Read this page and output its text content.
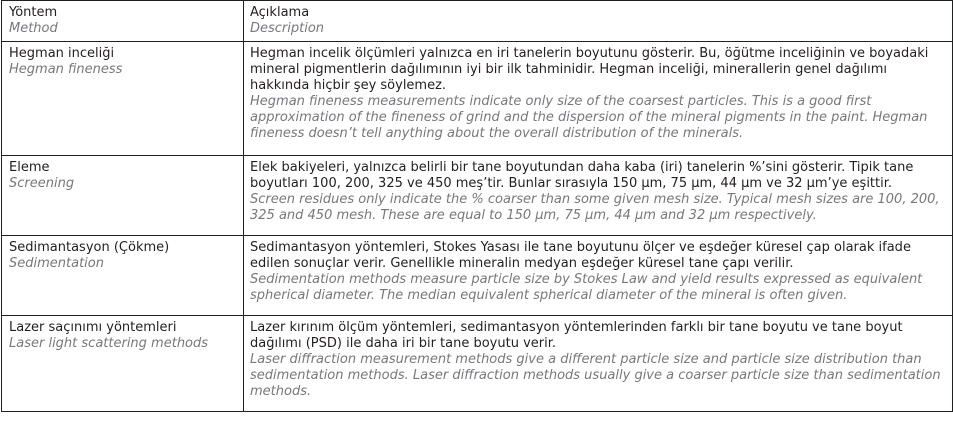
Yöntem
Method	Açıklama
Description

Hegman inceliği
Hegman fineness	Hegman incelik ölçümleri yalnızca en iri tanelerin boyutunu gösterir. Bu, öğütme inceliğinin ve boyadaki mineral pigmentlerin dağılımının iyi bir ilk tahminidir. Hegman inceliği, minerallerin genel dağılımı hakkında hiçbir şey söylemez.
Hegman fineness measurements indicate only size of the coarsest particles. This is a good first approximation of the fineness of grind and the dispersion of the mineral pigments in the paint. Hegman fineness doesn’t tell anything about the overall distribution of the minerals.

Eleme
Screening	Elek bakiyeleri, yalnızca belirli bir tane boyutundan daha kaba (iri) tanelerin %’sini gösterir. Tipik tane boyutları 100, 200, 325 ve 450 meş’tir. Bunlar sırasıyla 150 µm, 75 µm, 44 µm ve 32 µm’ye eşittir.
Screen residues only indicate the % coarser than some given mesh size. Typical mesh sizes are 100, 200, 325 and 450 mesh. These are equal to 150 µm, 75 µm, 44 µm and 32 µm respectively.

Sedimantasyon (Çökme)
Sedimentation	Sedimantasyon yöntemleri, Stokes Yasası ile tane boyutunu ölçer ve eşdeğer küresel çap olarak ifade edilen sonuçlar verir. Genellikle mineralin medyan eşdeğer küresel tane çapı verilir.
Sedimentation methods measure particle size by Stokes Law and yield results expressed as equivalent spherical diameter. The median equivalent spherical diameter of the mineral is often given.

Lazer saçınımı yöntemleri
Laser light scattering methods	Lazer kırınım ölçüm yöntemleri, sedimantasyon yöntemlerinden farklı bir tane boyutu ve tane boyut dağılımı (PSD) ile daha iri bir tane boyutu verir.
Laser diffraction measurement methods give a different particle size and particle size distribution than sedimentation methods. Laser diffraction methods usually give a coarser particle size than sedimentation methods.
